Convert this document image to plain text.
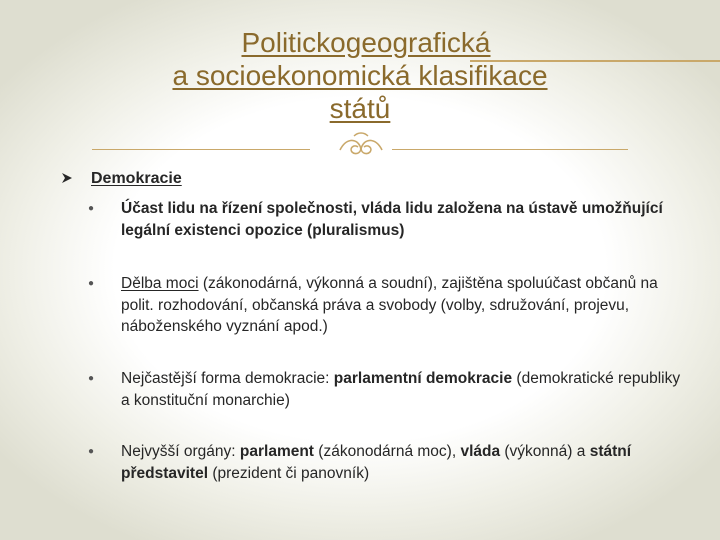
Politickogeografická
a socioekonomická klasifikace
států
Demokracie
● Účast lidu na řízení společnosti, vláda lidu založena na ústavě umožňující legální existenci opozice (pluralismus)
● Dělba moci (zákonodárná, výkonná a soudní), zajištěna spoluúčast občanů na polit. rozhodování, občanská práva a svobody (volby, sdružování, projevu, náboženského vyznání apod.)
● Nejčastější forma demokracie: parlamentní demokracie (demokratické republiky a konstituční monarchie)
● Nejvyšší orgány: parlament (zákonodárná moc), vláda (výkonná) a státní představitel (prezident či panovník)
